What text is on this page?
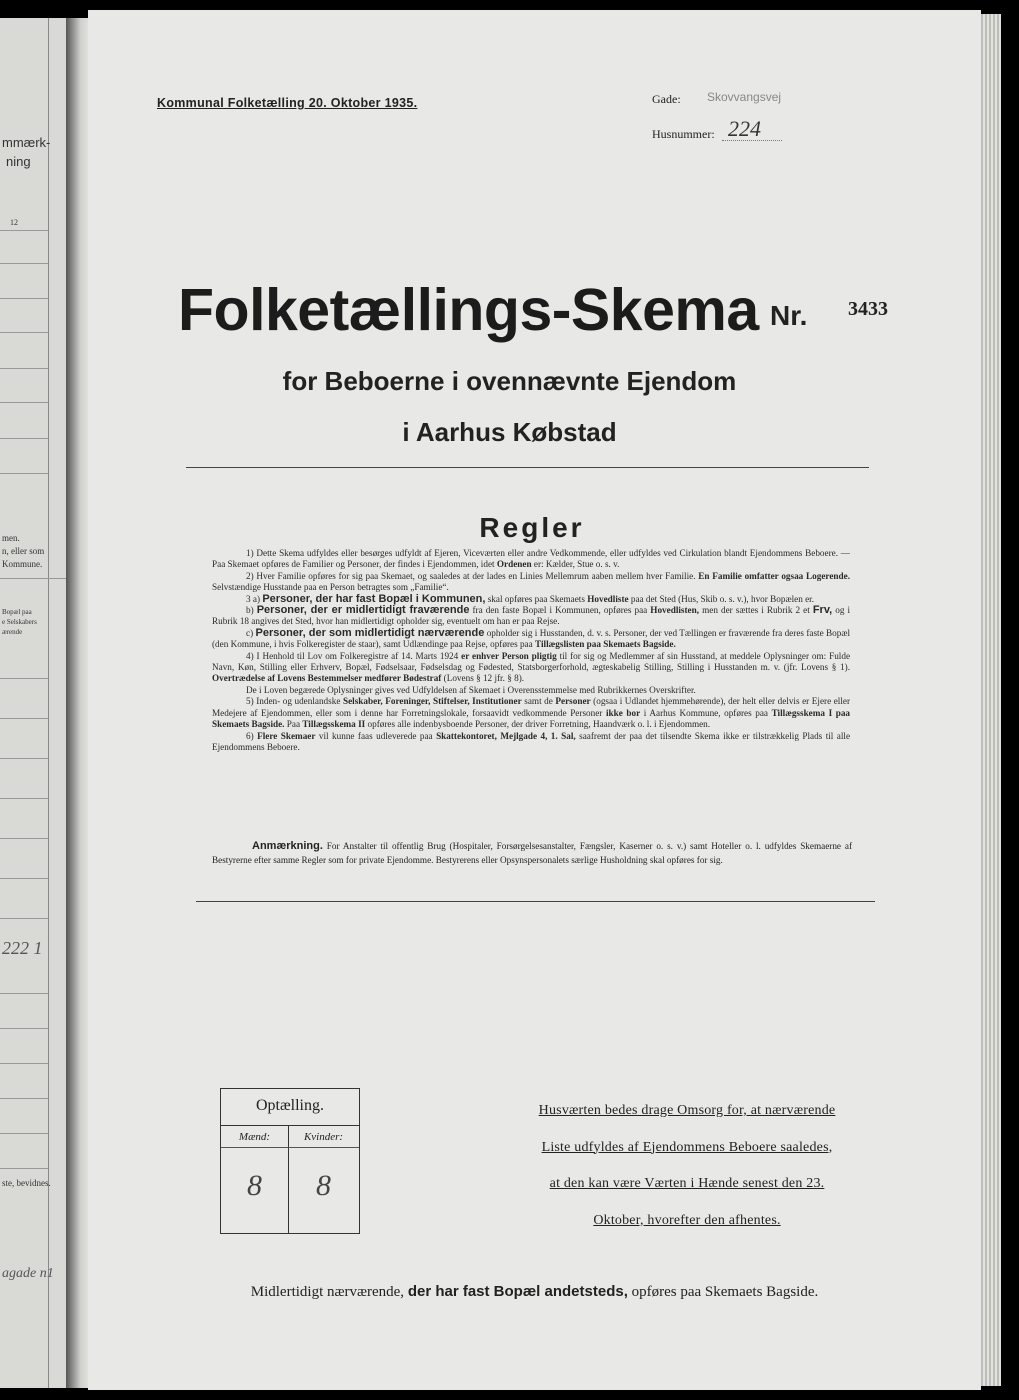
mmærk-
ning
12
men.
n, eller som
Kommune.
Bopæl paa
e Selskabers
ærende
222 1
ste, bevidnes.
agade n1
Kommunal Folketælling 20. Oktober 1935.	Gade: Skovvangsvej
Husnummer: 224
Folketællings-Skema Nr. 3433
for Beboerne i ovennævnte Ejendom
i Aarhus Købstad
Regler

1) Dette Skema udfyldes eller besørges udfyldt af Ejeren, Viceværten eller andre Vedkommende, eller udfyldes ved Cirkulation blandt Ejendommens Beboere. — Paa Skemaet opføres de Familier og Personer, der findes i Ejendommen, idet Ordenen er: Kælder, Stue o. s. v.

2) Hver Familie opføres for sig paa Skemaet, og saaledes at der lades en Linies Mellemrum aaben mellem hver Familie. En Familie omfatter ogsaa Logerende. Selvstændige Husstande paa en Person betragtes som „Familie“.

3 a) Personer, der har fast Bopæl i Kommunen, skal opføres paa Skemaets Hovedliste paa det Sted (Hus, Skib o. s. v.), hvor Bopælen er.

b) Personer, der er midlertidigt fraværende fra den faste Bopæl i Kommunen, opføres paa Hovedlisten, men der sættes i Rubrik 2 et Frv, og i Rubrik 18 angives det Sted, hvor han midlertidigt opholder sig, eventuelt om han er paa Rejse.

c) Personer, der som midlertidigt nærværende opholder sig i Husstanden, d. v. s. Personer, der ved Tællingen er fraværende fra deres faste Bopæl (den Kommune, i hvis Folkeregister de staar), samt Udlændinge paa Rejse, opføres paa Tillægslisten paa Skemaets Bagside.

4) I Henhold til Lov om Folkeregistre af 14. Marts 1924 er enhver Person pligtig til for sig og Medlemmer af sin Husstand, at meddele Oplysninger om: Fulde Navn, Køn, Stilling eller Erhverv, Bopæl, Fødselsaar, Fødselsdag og Fødested, Statsborgerforhold, ægteskabelig Stilling, Stilling i Husstanden m. v. (jfr. Lovens § 1). Overtrædelse af Lovens Bestemmelser medfører Bødestraf (Lovens § 12 jfr. § 8).

De i Loven begærede Oplysninger gives ved Udfyldelsen af Skemaet i Overensstemmelse med Rubrikkernes Overskrifter.

5) Inden- og udenlandske Selskaber, Foreninger, Stiftelser, Institutioner samt de Personer (ogsaa i Udlandet hjemmehørende), der helt eller delvis er Ejere eller Medejere af Ejendommen, eller som i denne har Forretningslokale, forsaavidt vedkommende Personer ikke bor i Aarhus Kommune, opføres paa Tillægsskema I paa Skemaets Bagside. Paa Tillægsskema II opføres alle indenbysboende Personer, der driver Forretning, Haandværk o. l. i Ejendommen.

6) Flere Skemaer vil kunne faas udleverede paa Skattekontoret, Mejlgade 4, 1. Sal, saafremt der paa det tilsendte Skema ikke er tilstrækkelig Plads til alle Ejendommens Beboere.

Anmærkning. For Anstalter til offentlig Brug (Hospitaler, Forsørgelsesanstalter, Fængsler, Kaserner o. s. v.) samt Hoteller o. l. udfyldes Skemaerne af Bestyrerne efter samme Regler som for private Ejendomme. Bestyrerens eller Opsynspersonalets særlige Husholdning skal opføres for sig.
Optælling.
Mænd:	Kvinder:
8	8
Husværten bedes drage Omsorg for, at nærværende
Liste udfyldes af Ejendommens Beboere saaledes,
at den kan være Værten i Hænde senest den 23.
Oktober, hvorefter den afhentes.
Midlertidigt nærværende, der har fast Bopæl andetsteds, opføres paa Skemaets Bagside.
